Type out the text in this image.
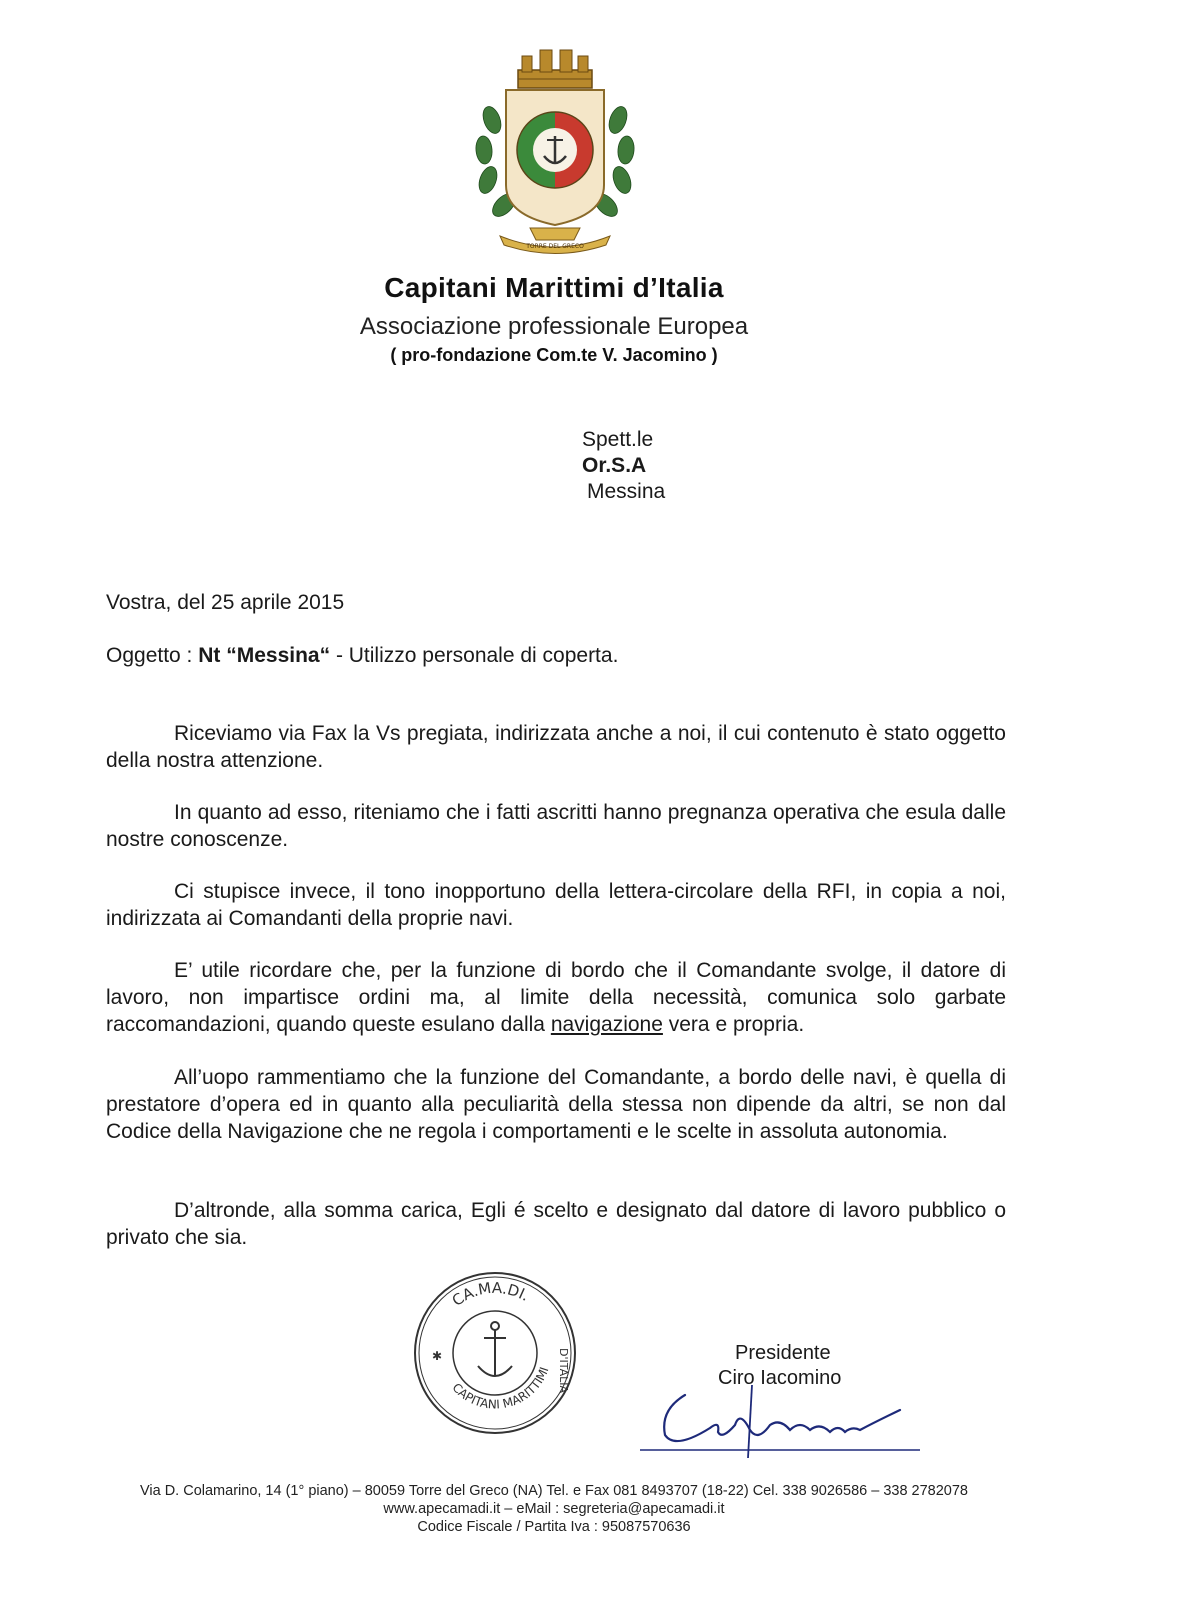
TORRE DEL GRECO
Capitani Marittimi d’Italia
Associazione professionale Europea
( pro-fondazione Com.te V. Jacomino )
Spett.le
Or.S.A
Messina
Vostra, del 25 aprile 2015
Oggetto : Nt “Messina“ - Utilizzo personale di coperta.
Riceviamo via Fax la Vs pregiata, indirizzata anche a noi, il cui contenuto è stato oggetto della nostra attenzione.
In quanto ad esso, riteniamo che i fatti ascritti hanno pregnanza operativa che esula dalle nostre conoscenze.
Ci stupisce invece, il tono inopportuno della lettera-circolare della RFI, in copia a noi, indirizzata ai Comandanti della proprie navi.
E’ utile ricordare che, per la funzione di bordo che il Comandante svolge, il datore di lavoro, non impartisce ordini ma, al limite della necessità, comunica solo garbate raccomandazioni, quando queste esulano dalla navigazione vera e propria.
All’uopo rammentiamo che la funzione del Comandante, a bordo delle navi, è quella di prestatore d’opera ed in quanto alla peculiarità della stessa non dipende da altri, se non dal Codice della Navigazione che ne regola i comportamenti e le scelte in assoluta autonomia.
D’altronde, alla somma carica, Egli é scelto e designato dal datore di lavoro pubblico o privato che sia.
CA.MA.DI.
CAPITANI MARITTIMI D'ITALIA
✱	Presidente
Ciro Iacomino
Via D. Colamarino, 14 (1° piano) – 80059 Torre del Greco (NA) Tel. e Fax 081 8493707 (18-22) Cel. 338 9026586 – 338 2782078
www.apecamadi.it – eMail : segreteria@apecamadi.it
Codice Fiscale / Partita Iva : 95087570636
